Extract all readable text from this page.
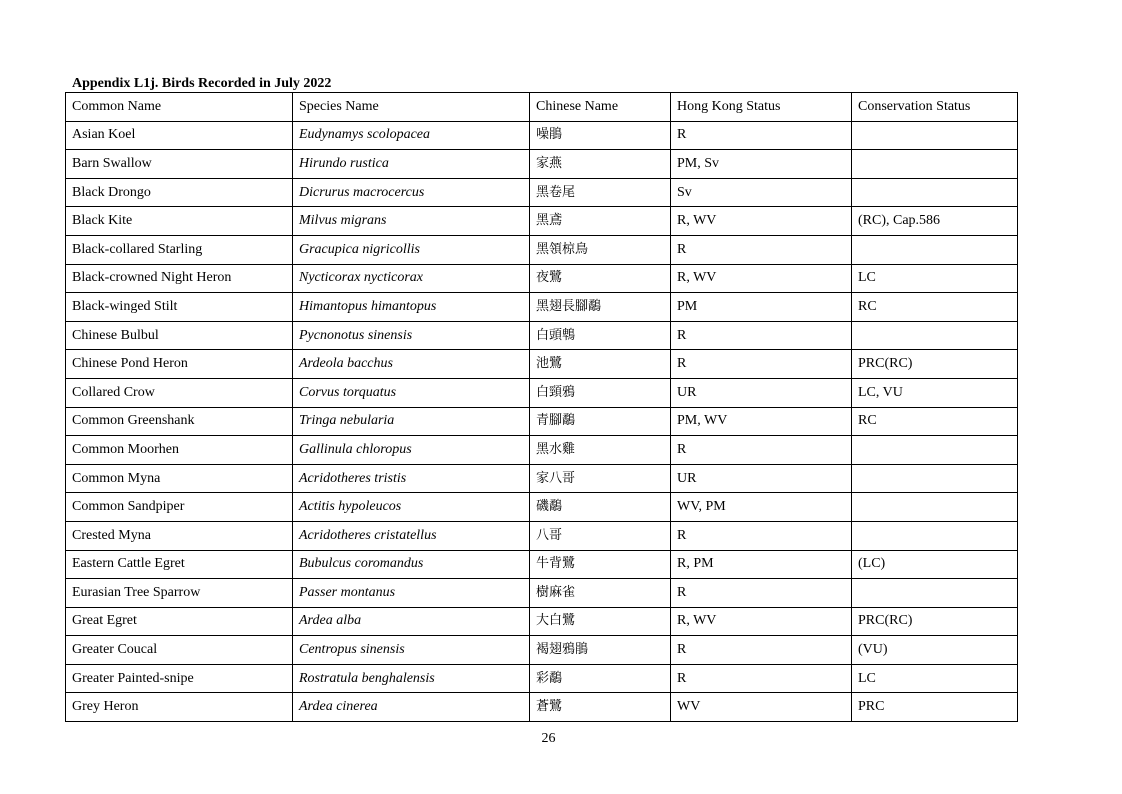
Appendix L1j. Birds Recorded in July 2022
Common Name	Species Name	Chinese Name	Hong Kong Status	Conservation Status
Asian Koel	Eudynamys scolopacea	噪鵑	R	
Barn Swallow	Hirundo rustica	家燕	PM, Sv	
Black Drongo	Dicrurus macrocercus	黑卷尾	Sv	
Black Kite	Milvus migrans	黑鳶	R, WV	(RC), Cap.586
Black-collared Starling	Gracupica nigricollis	黑領椋鳥	R	
Black-crowned Night Heron	Nycticorax nycticorax	夜鷺	R, WV	LC
Black-winged Stilt	Himantopus himantopus	黑翅長腳鷸	PM	RC
Chinese Bulbul	Pycnonotus sinensis	白頭鵯	R	
Chinese Pond Heron	Ardeola bacchus	池鷺	R	PRC(RC)
Collared Crow	Corvus torquatus	白頸鴉	UR	LC, VU
Common Greenshank	Tringa nebularia	青腳鷸	PM, WV	RC
Common Moorhen	Gallinula chloropus	黑水雞	R	
Common Myna	Acridotheres tristis	家八哥	UR	
Common Sandpiper	Actitis hypoleucos	磯鷸	WV, PM	
Crested Myna	Acridotheres cristatellus	八哥	R	
Eastern Cattle Egret	Bubulcus coromandus	牛背鷺	R, PM	(LC)
Eurasian Tree Sparrow	Passer montanus	樹麻雀	R	
Great Egret	Ardea alba	大白鷺	R, WV	PRC(RC)
Greater Coucal	Centropus sinensis	褐翅鴉鵑	R	(VU)
Greater Painted-snipe	Rostratula benghalensis	彩鷸	R	LC
Grey Heron	Ardea cinerea	蒼鷺	WV	PRC
26
